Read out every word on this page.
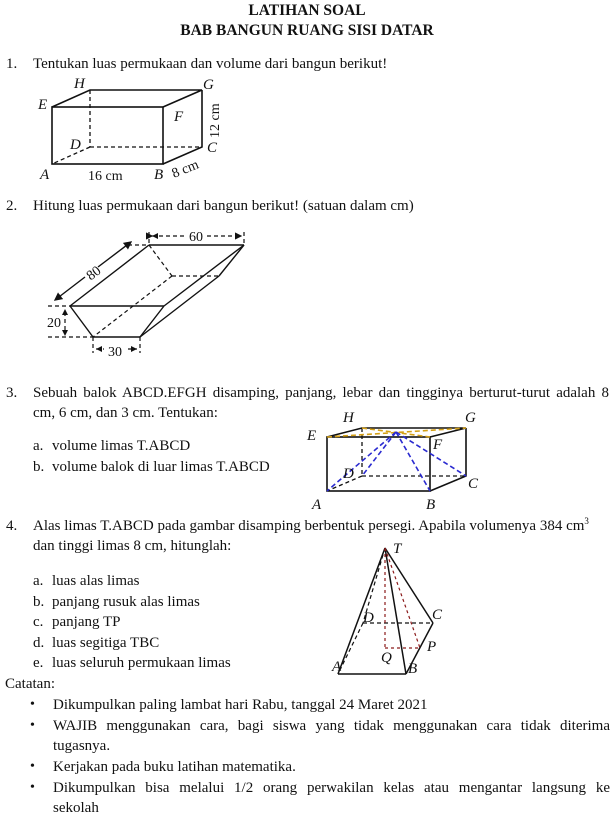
LATIHAN SOAL
BAB BANGUN RUANG SISI DATAR
1. Tentukan luas permukaan dan volume dari bangun berikut!
H	G
E
F
D	C
A	B
16 cm	8 cm
12 cm
2. Hitung luas permukaan dari bangun berikut! (satuan dalam cm)
60
80
20
30
3. Sebuah balok ABCD.EFGH disamping, panjang, lebar dan tingginya berturut-turut adalah 8
cm, 6 cm, dan 3 cm. Tentukan:
a. volume limas T.ABCD
b. volume balok di luar limas T.ABCD
H	G
E
F
D
C
A	B
4. Alas limas T.ABCD pada gambar disamping berbentuk persegi. Apabila volumenya 384 $cm^3$
dan tinggi limas 8 cm, hitunglah:
a. luas alas limas
b. panjang rusuk alas limas
c. panjang TP
d. luas segitiga TBC
e. luas seluruh permukaan limas
T
D	C
P
Q
A	B
Catatan:
• Dikumpulkan paling lambat hari Rabu, tanggal 24 Maret 2021
• WAJIB menggunakan cara, bagi siswa yang tidak menggunakan cara tidak diterima
tugasnya.
• Kerjakan pada buku latihan matematika.
• Dikumpulkan bisa melalui 1/2 orang perwakilan kelas atau mengantar langsung ke
sekolah
